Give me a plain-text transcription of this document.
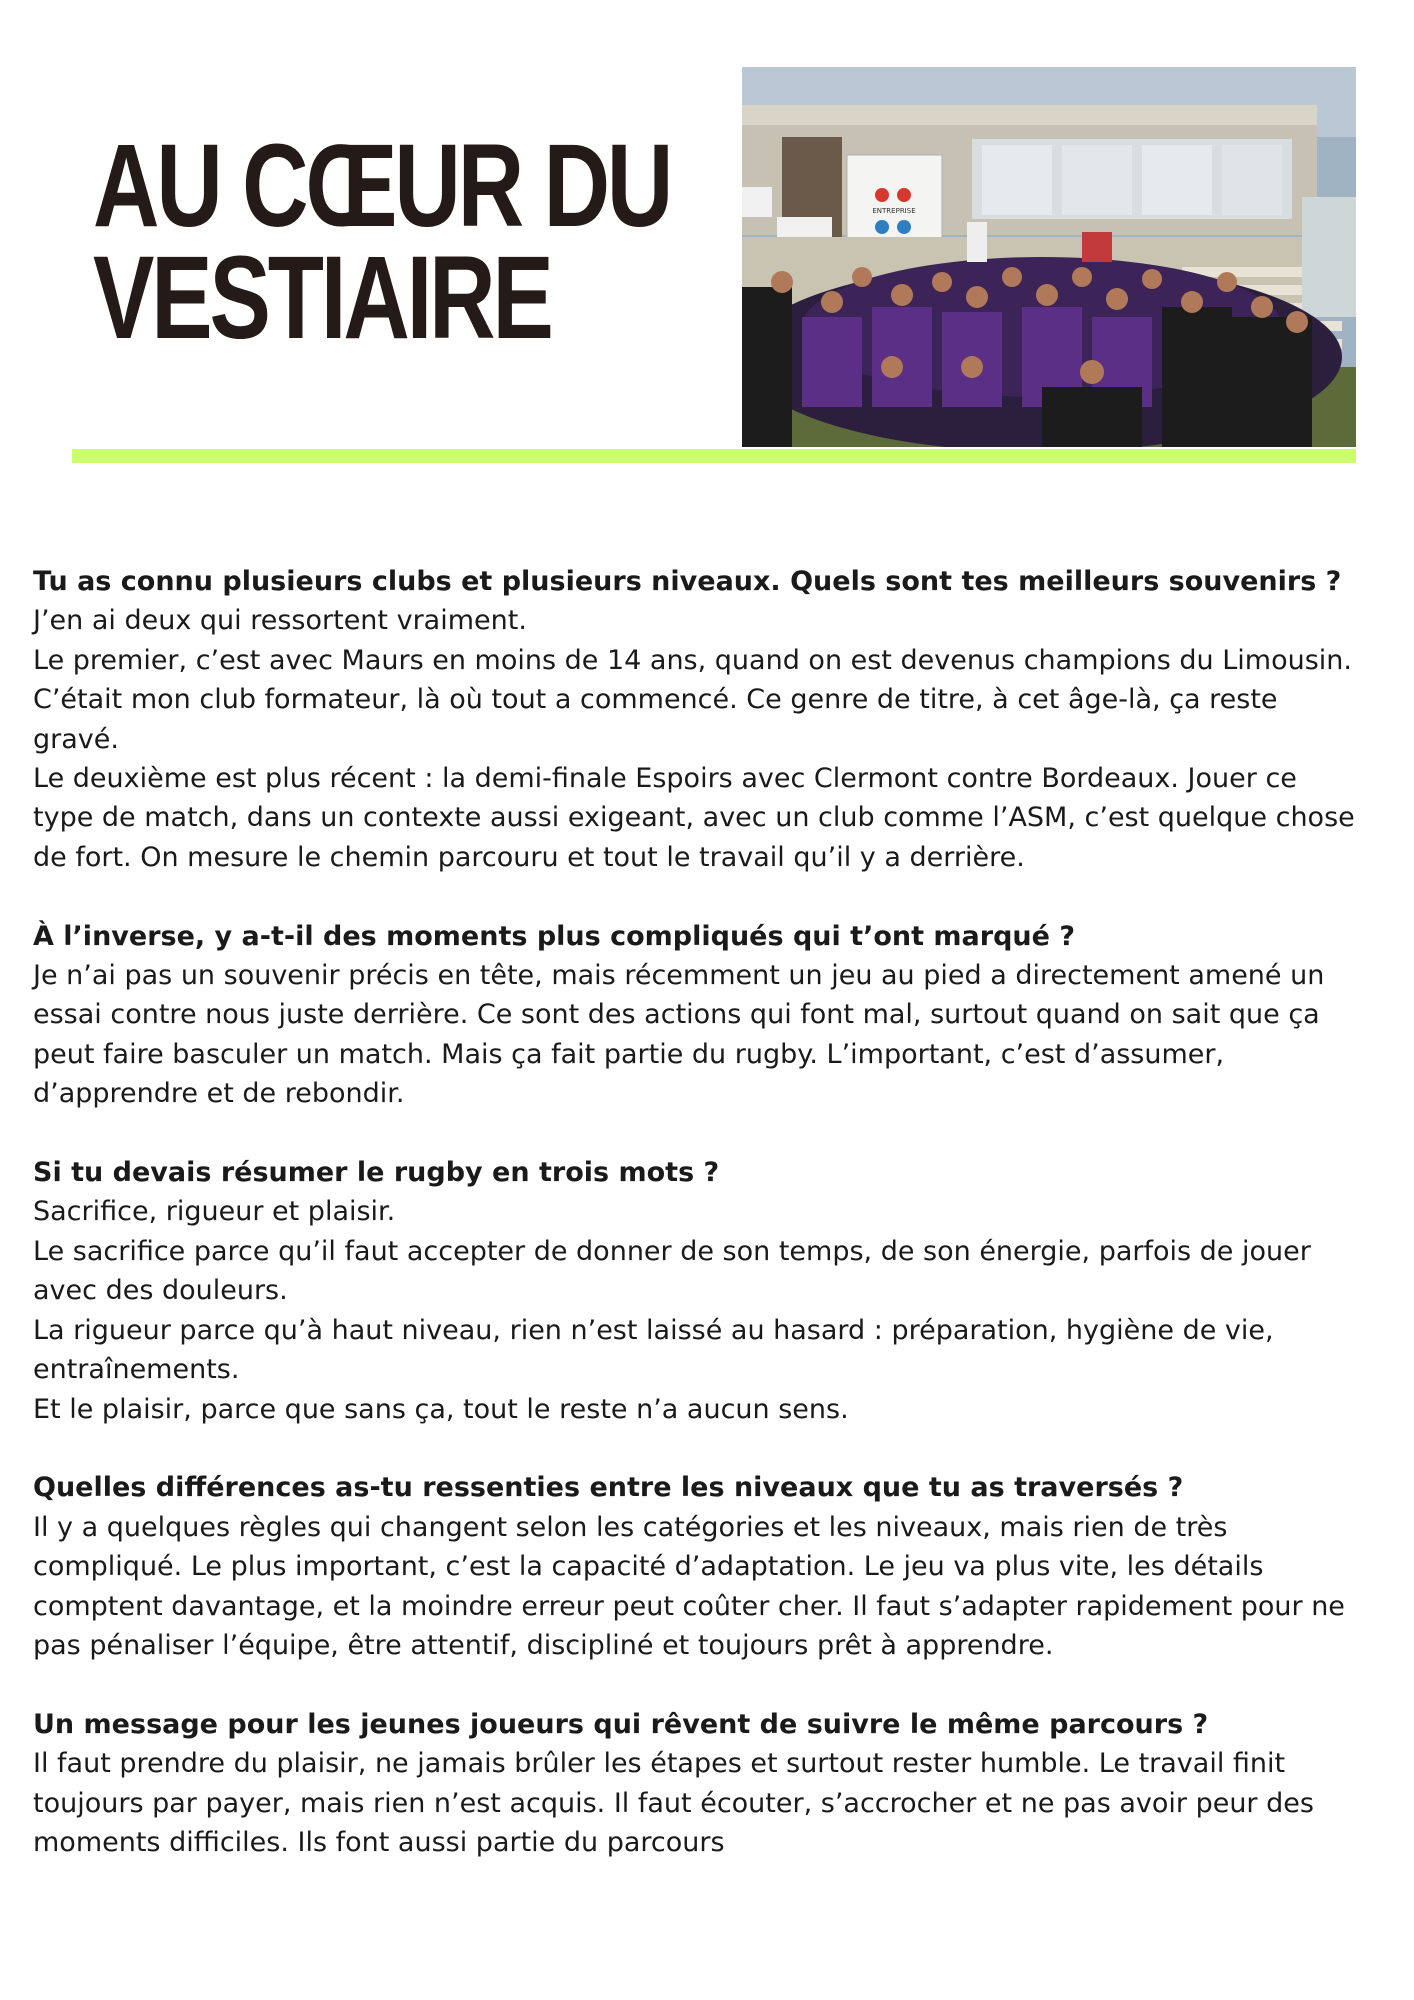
AU CŒUR DU
VESTIAIRE
ENTREPRISE

Tu as connu plusieurs clubs et plusieurs niveaux. Quels sont tes meilleurs souvenirs ?

J’en ai deux qui ressortent vraiment.

Le premier, c’est avec Maurs en moins de 14 ans, quand on est devenus champions du Limousin. C’était mon club formateur, là où tout a commencé. Ce genre de titre, à cet âge-là, ça reste gravé.

Le deuxième est plus récent : la demi-finale Espoirs avec Clermont contre Bordeaux. Jouer ce type de match, dans un contexte aussi exigeant, avec un club comme l’ASM, c’est quelque chose de fort. On mesure le chemin parcouru et tout le travail qu’il y a derrière.

À l’inverse, y a-t-il des moments plus compliqués qui t’ont marqué ?

Je n’ai pas un souvenir précis en tête, mais récemment un jeu au pied a directement amené un essai contre nous juste derrière. Ce sont des actions qui font mal, surtout quand on sait que ça peut faire basculer un match. Mais ça fait partie du rugby. L’important, c’est d’assumer, d’apprendre et de rebondir.

Si tu devais résumer le rugby en trois mots ?

Sacrifice, rigueur et plaisir.

Le sacrifice parce qu’il faut accepter de donner de son temps, de son énergie, parfois de jouer avec des douleurs.

La rigueur parce qu’à haut niveau, rien n’est laissé au hasard : préparation, hygiène de vie, entraînements.

Et le plaisir, parce que sans ça, tout le reste n’a aucun sens.

Quelles différences as-tu ressenties entre les niveaux que tu as traversés ?

Il y a quelques règles qui changent selon les catégories et les niveaux, mais rien de très compliqué. Le plus important, c’est la capacité d’adaptation. Le jeu va plus vite, les détails comptent davantage, et la moindre erreur peut coûter cher. Il faut s’adapter rapidement pour ne pas pénaliser l’équipe, être attentif, discipliné et toujours prêt à apprendre.

Un message pour les jeunes joueurs qui rêvent de suivre le même parcours ?

Il faut prendre du plaisir, ne jamais brûler les étapes et surtout rester humble. Le travail finit toujours par payer, mais rien n’est acquis. Il faut écouter, s’accrocher et ne pas avoir peur des moments difficiles. Ils font aussi partie du parcours
